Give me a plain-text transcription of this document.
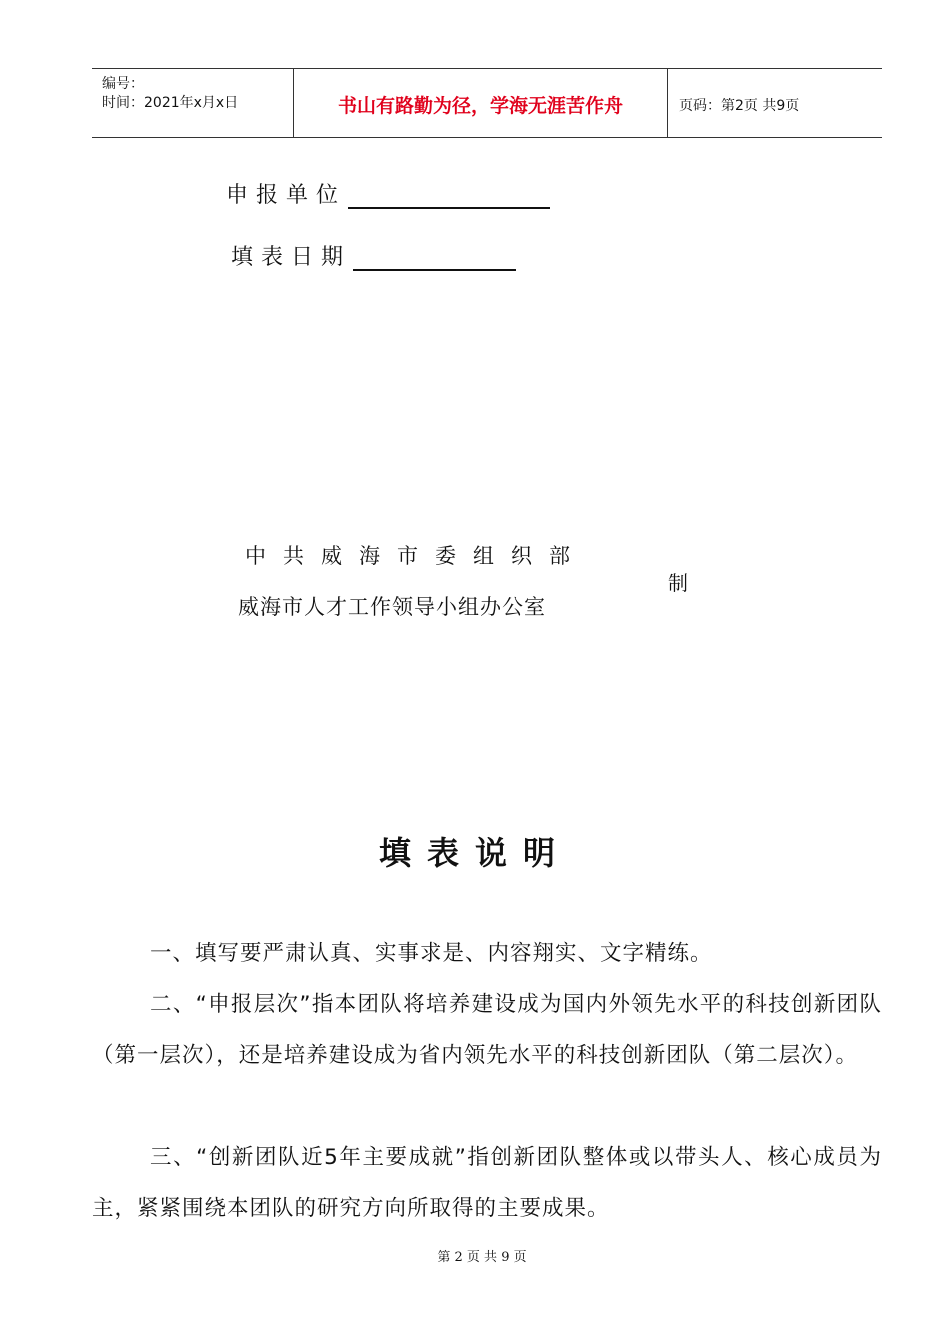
编号：
时间：2021年x月x日	书山有路勤为径，学海无涯苦作舟	页码：第2页 共9页
申报单位
填表日期
中共威海市委组织部
威海市人才工作领导小组办公室
制
填表说明
一、填写要严肃认真、实事求是、内容翔实、文字精练。
二、“申报层次”指本团队将培养建设成为国内外领先水平的科技创新团队（第一层次），还是培养建设成为省内领先水平的科技创新团队（第二层次）。
三、“创新团队近5年主要成就”指创新团队整体或以带头人、核心成员为主，紧紧围绕本团队的研究方向所取得的主要成果。
第 2 页 共 9 页
